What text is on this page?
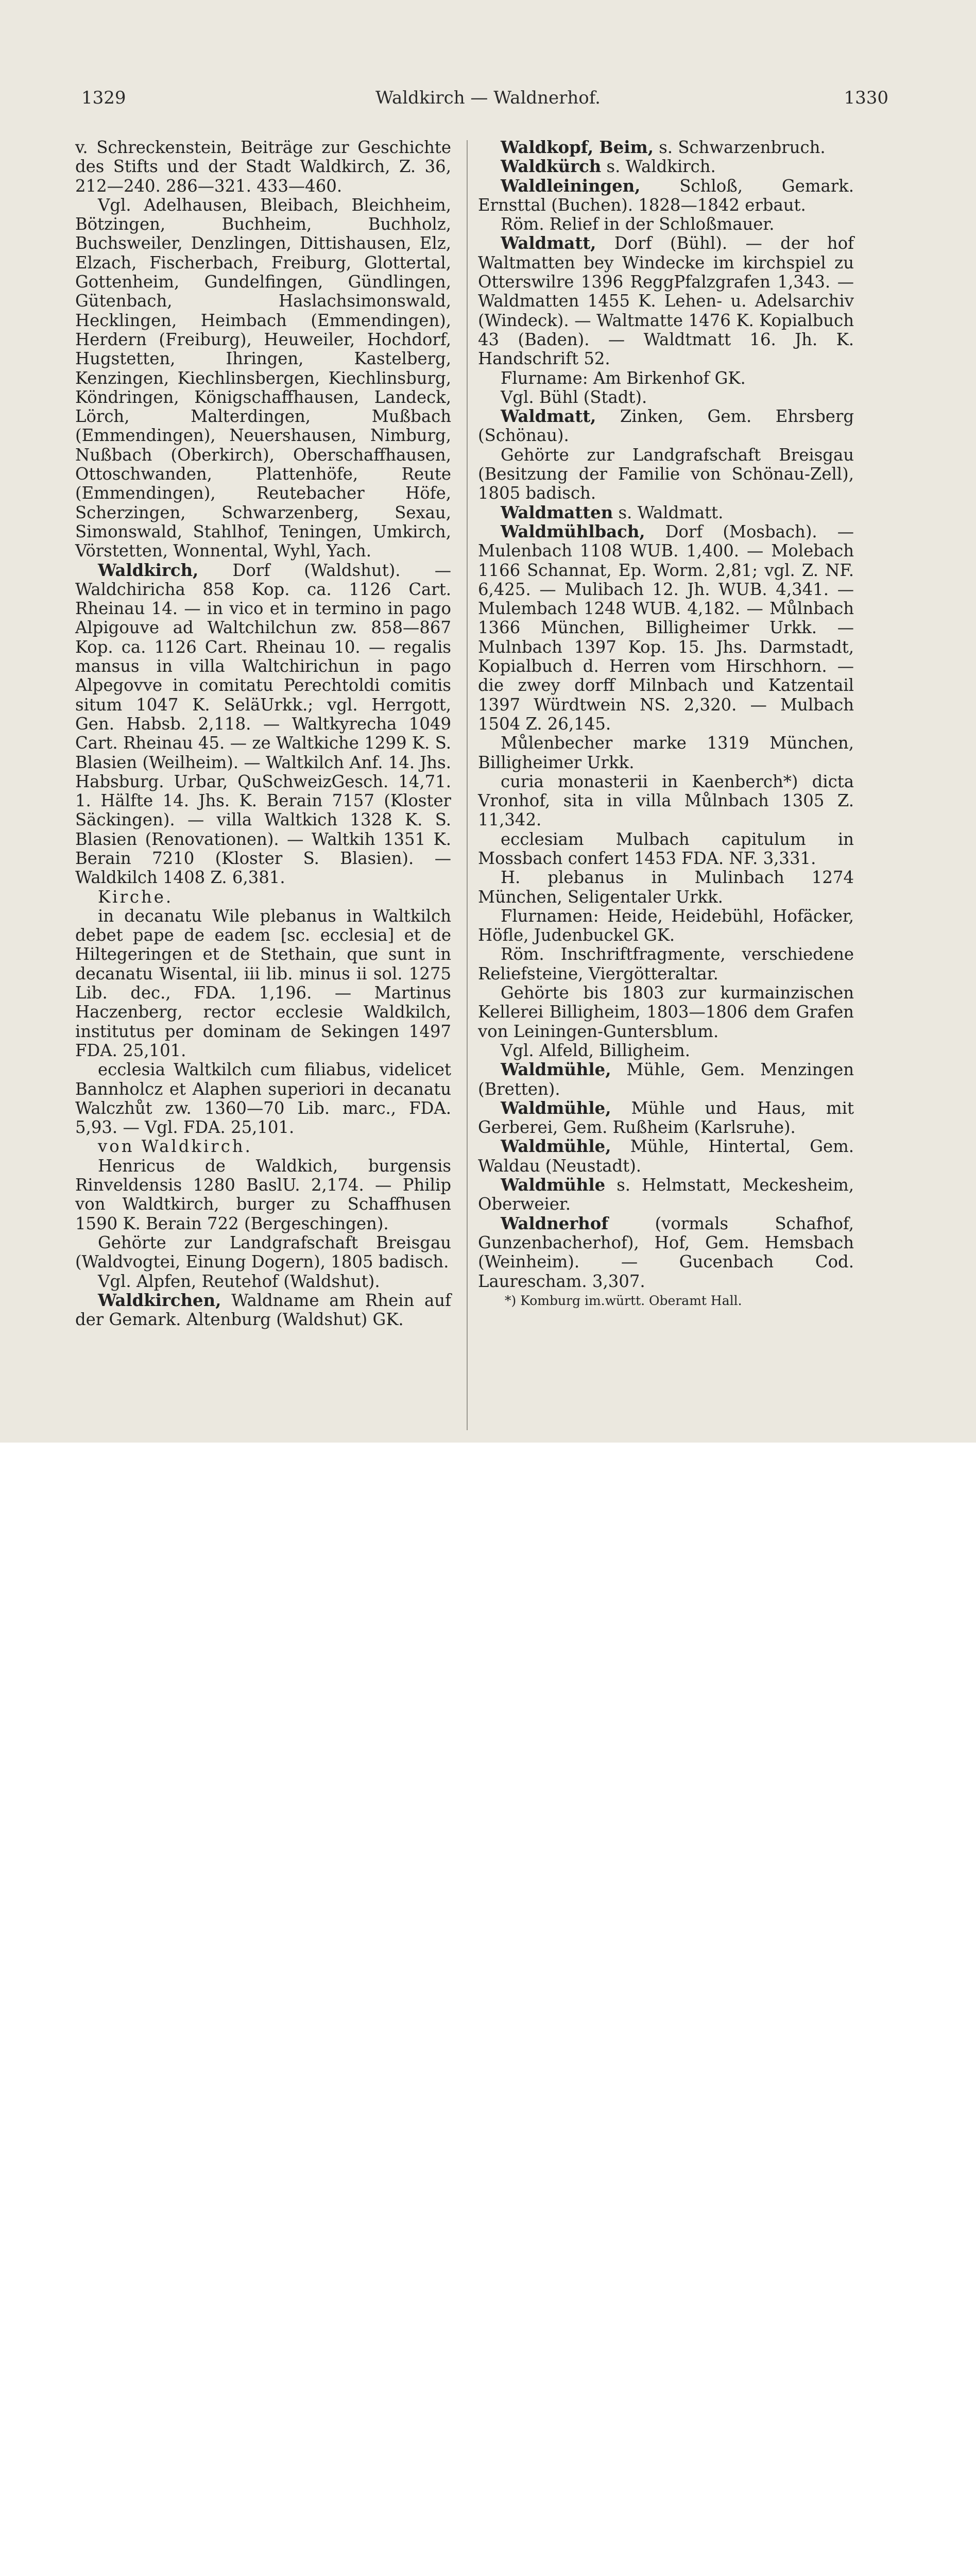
1329	Waldkirch — Waldnerhof.	1330

v. Schreckenstein, Beiträge zur Geschichte des Stifts und der Stadt Waldkirch, Z. 36, 212—240. 286—321. 433—460.

Vgl. Adelhausen, Bleibach, Bleichheim, Bötzingen, Buchheim, Buchholz, Buchsweiler, Denzlingen, Dittishausen, Elz, Elzach, Fischerbach, Freiburg, Glottertal, Gottenheim, Gundelfingen, Gündlingen, Gütenbach, Haslachsimonswald, Hecklingen, Heimbach (Emmendingen), Herdern (Freiburg), Heuweiler, Hochdorf, Hugstetten, Ihringen, Kastelberg, Kenzingen, Kiechlinsbergen, Kiechlinsburg, Köndringen, Königschaffhausen, Landeck, Lörch, Malterdingen, Mußbach (Emmendingen), Neuershausen, Nimburg, Nußbach (Oberkirch), Oberschaffhausen, Ottoschwanden, Plattenhöfe, Reute (Emmendingen), Reutebacher Höfe, Scherzingen, Schwarzenberg, Sexau, Simonswald, Stahlhof, Teningen, Umkirch, Vörstetten, Wonnental, Wyhl, Yach.

Waldkirch, Dorf (Waldshut). — Waldchiricha 858 Kop. ca. 1126 Cart. Rheinau 14. — in vico et in termino in pago Alpigouve ad Waltchilchun zw. 858—867 Kop. ca. 1126 Cart. Rheinau 10. — regalis mansus in villa Waltchirichun in pago Alpegovve in comitatu Perechtoldi comitis situm 1047 K. SeläUrkk.; vgl. Herrgott, Gen. Habsb. 2,118. — Waltkyrecha 1049 Cart. Rheinau 45. — ze Waltkiche 1299 K. S. Blasien (Weilheim). — Waltkilch Anf. 14. Jhs. Habsburg. Urbar, QuSchweizGesch. 14,71. 1. Hälfte 14. Jhs. K. Berain 7157 (Kloster Säckingen). — villa Waltkich 1328 K. S. Blasien (Renovationen). — Waltkih 1351 K. Berain 7210 (Kloster S. Blasien). — Waldkilch 1408 Z. 6,381.

Kirche.

in decanatu Wile plebanus in Waltkilch debet pape de eadem [sc. ecclesia] et de Hiltegeringen et de Stethain, que sunt in decanatu Wisental, iii lib. minus ii sol. 1275 Lib. dec., FDA. 1,196. — Martinus Haczenberg, rector ecclesie Waldkilch, institutus per dominam de Sekingen 1497 FDA. 25,101.

ecclesia Waltkilch cum filiabus, videlicet Bannholcz et Alaphen superiori in decanatu Walczhůt zw. 1360—70 Lib. marc., FDA. 5,93. — Vgl. FDA. 25,101.

von Waldkirch.

Henricus de Waldkich, burgensis Rinveldensis 1280 BaslU. 2,174. — Philip von Waldtkirch, burger zu Schaffhusen 1590 K. Berain 722 (Bergeschingen).

Gehörte zur Landgrafschaft Breisgau (Waldvogtei, Einung Dogern), 1805 badisch.

Vgl. Alpfen, Reutehof (Waldshut).

Waldkirchen, Waldname am Rhein auf der Gemark. Altenburg (Waldshut) GK.

Waldkopf, Beim, s. Schwarzenbruch.

Waldkürch s. Waldkirch.

Waldleiningen, Schloß, Gemark. Ernsttal (Buchen). 1828—1842 erbaut.

Röm. Relief in der Schloßmauer.

Waldmatt, Dorf (Bühl). — der hof Waltmatten bey Windecke im kirchspiel zu Otterswilre 1396 ReggPfalzgrafen 1,343. — Waldmatten 1455 K. Lehen- u. Adelsarchiv (Windeck). — Waltmatte 1476 K. Kopialbuch 43 (Baden). — Waldtmatt 16. Jh. K. Handschrift 52.

Flurname: Am Birkenhof GK.

Vgl. Bühl (Stadt).

Waldmatt, Zinken, Gem. Ehrsberg (Schönau).

Gehörte zur Landgrafschaft Breisgau (Besitzung der Familie von Schönau-Zell), 1805 badisch.

Waldmatten s. Waldmatt.

Waldmühlbach, Dorf (Mosbach). — Mulenbach 1108 WUB. 1,400. — Molebach 1166 Schannat, Ep. Worm. 2,81; vgl. Z. NF. 6,425. — Mulibach 12. Jh. WUB. 4,341. — Mulembach 1248 WUB. 4,182. — Můlnbach 1366 München, Billigheimer Urkk. — Mulnbach 1397 Kop. 15. Jhs. Darmstadt, Kopialbuch d. Herren vom Hirschhorn. — die zwey dorff Milnbach und Katzentail 1397 Würdtwein NS. 2,320. — Mulbach 1504 Z. 26,145.

Můlenbecher marke 1319 München, Billigheimer Urkk.

curia monasterii in Kaenberch*) dicta Vronhof, sita in villa Můlnbach 1305 Z. 11,342.

ecclesiam Mulbach capitulum in Mossbach confert 1453 FDA. NF. 3,331.

H. plebanus in Mulinbach 1274 München, Seligentaler Urkk.

Flurnamen: Heide, Heidebühl, Hofäcker, Höfle, Judenbuckel GK.

Röm. Inschriftfragmente, verschiedene Reliefsteine, Viergötteraltar.

Gehörte bis 1803 zur kurmainzischen Kellerei Billigheim, 1803—1806 dem Grafen von Leiningen-Guntersblum.

Vgl. Alfeld, Billigheim.

Waldmühle, Mühle, Gem. Menzingen (Bretten).

Waldmühle, Mühle und Haus, mit Gerberei, Gem. Rußheim (Karlsruhe).

Waldmühle, Mühle, Hintertal, Gem. Waldau (Neustadt).

Waldmühle s. Helmstatt, Meckesheim, Oberweier.

Waldnerhof (vormals Schafhof, Gunzenbacherhof), Hof, Gem. Hemsbach (Weinheim). — Gucenbach Cod. Laurescham. 3,307.

*) Komburg im.württ. Oberamt Hall.
